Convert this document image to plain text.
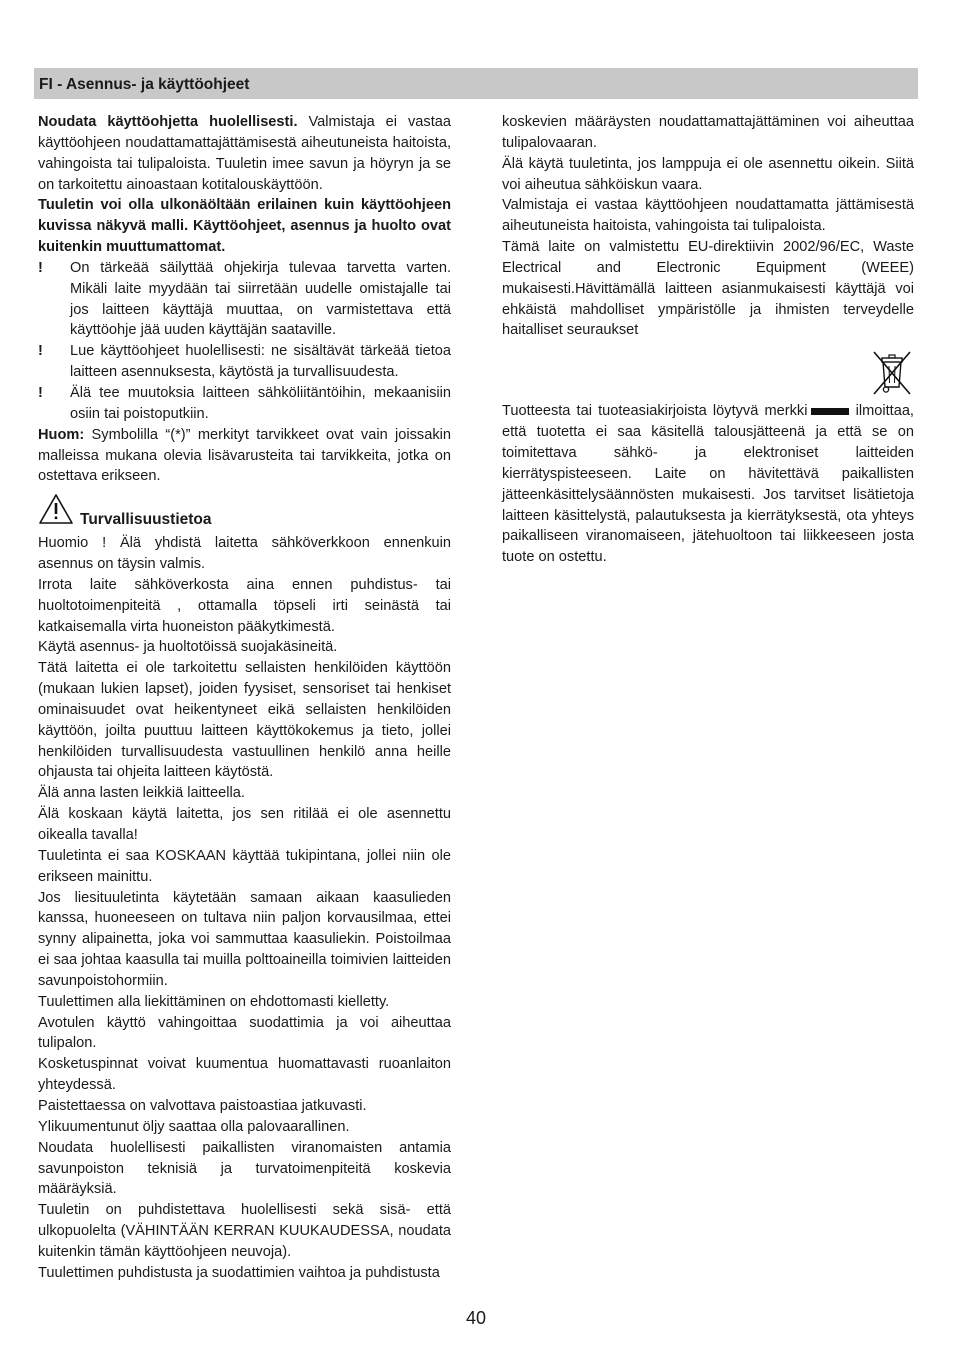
FI - Asennus- ja käyttöohjeet

Noudata käyttöohjetta huolellisesti. Valmistaja ei vastaa käyttöohjeen noudattamattajättämisestä aiheutuneista haitoista, vahingoista tai tulipaloista. Tuuletin imee savun ja höyryn ja se on tarkoitettu ainoastaan kotitalouskäyttöön.

Tuuletin voi olla ulkonäöltään erilainen kuin käyttöohjeen kuvissa näkyvä malli. Käyttöohjeet, asennus ja huolto ovat kuitenkin muuttumattomat.

! On tärkeää säilyttää ohjekirja tulevaa tarvetta varten. Mikäli laite myydään tai siirretään uudelle omistajalle tai jos laitteen käyttäjä muuttaa, on varmistettava että käyttöohje jää uuden käyttäjän saataville.

! Lue käyttöohjeet huolellisesti: ne sisältävät tärkeää tietoa laitteen asennuksesta, käytöstä ja turvallisuudesta.

! Älä tee muutoksia laitteen sähköliitäntöihin, mekaanisiin osiin tai poistoputkiin.

Huom: Symbolilla “(*)” merkityt tarvikkeet ovat vain joissakin malleissa mukana olevia lisävarusteita tai tarvikkeita, jotka on ostettava erikseen.

Turvallisuustietoa

Huomio ! Älä yhdistä laitetta sähköverkkoon ennenkuin asennus on täysin valmis.

Irrota laite sähköverkosta aina ennen puhdistus- tai huoltotoimenpiteitä , ottamalla töpseli irti seinästä tai katkaisemalla virta huoneiston pääkytkimestä.

Käytä asennus- ja huoltotöissä suojakäsineitä.

Tätä laitetta ei ole tarkoitettu sellaisten henkilöiden käyttöön (mukaan lukien lapset), joiden fyysiset, sensoriset tai henkiset ominaisuudet ovat heikentyneet eikä sellaisten henkilöiden käyttöön, joilta puuttuu laitteen käyttökokemus ja tieto, jollei henkilöiden turvallisuudesta vastuullinen henkilö anna heille ohjausta tai ohjeita laitteen käytöstä.

Älä anna lasten leikkiä laitteella.

Älä koskaan käytä laitetta, jos sen ritilää ei ole asennettu oikealla tavalla!

Tuuletinta ei saa KOSKAAN käyttää tukipintana, jollei niin ole erikseen mainittu.

Jos liesituuletinta käytetään samaan aikaan kaasulieden kanssa, huoneeseen on tultava niin paljon korvausilmaa, ettei synny alipainetta, joka voi sammuttaa kaasuliekin. Poistoilmaa ei saa johtaa kaasulla tai muilla polttoaineilla toimivien laitteiden savunpoistohormiin.

Tuulettimen alla liekittäminen on ehdottomasti kielletty.

Avotulen käyttö vahingoittaa suodattimia ja voi aiheuttaa tulipalon.

Kosketuspinnat voivat kuumentua huomattavasti ruoanlaiton yhteydessä.

Paistettaessa on valvottava paistoastiaa jatkuvasti.

Ylikuumentunut öljy saattaa olla palovaarallinen.

Noudata huolellisesti paikallisten viranomaisten antamia savunpoiston teknisiä ja turvatoimenpiteitä koskevia määräyksiä.

Tuuletin on puhdistettava huolellisesti sekä sisä- että ulkopuolelta (VÄHINTÄÄN KERRAN KUUKAUDESSA, noudata kuitenkin tämän käyttöohjeen neuvoja).

Tuulettimen puhdistusta ja suodattimien vaihtoa ja puhdistusta

koskevien määräysten noudattamattajättäminen voi aiheuttaa tulipalovaaran.

Älä käytä tuuletinta, jos lamppuja ei ole asennettu oikein. Siitä voi aiheutua sähköiskun vaara.

Valmistaja ei vastaa käyttöohjeen noudattamatta jättämisestä aiheutuneista haitoista, vahingoista tai tulipaloista.

Tämä laite on valmistettu EU-direktiivin 2002/96/EC, Waste Electrical and Electronic Equipment (WEEE) mukaisesti.Hävittämällä laitteen asianmukaisesti käyttäjä voi ehkäistä mahdolliset ympäristölle ja ihmisten terveydelle haitalliset seuraukset

Tuotteesta tai tuoteasiakirjoista löytyvä merkki	ilmoittaa, että tuotetta ei saa käsitellä talousjätteenä ja että se on toimitettava sähkö- ja elektroniset laitteiden kierrätyspisteeseen. Laite on hävitettävä paikallisten jätteenkäsittelysäännösten mukaisesti. Jos tarvitset lisätietoja laitteen käsittelystä, palautuksesta ja kierrätyksestä, ota yhteys paikalliseen viranomaiseen, jätehuoltoon tai liikkeeseen josta tuote on ostettu.

40
